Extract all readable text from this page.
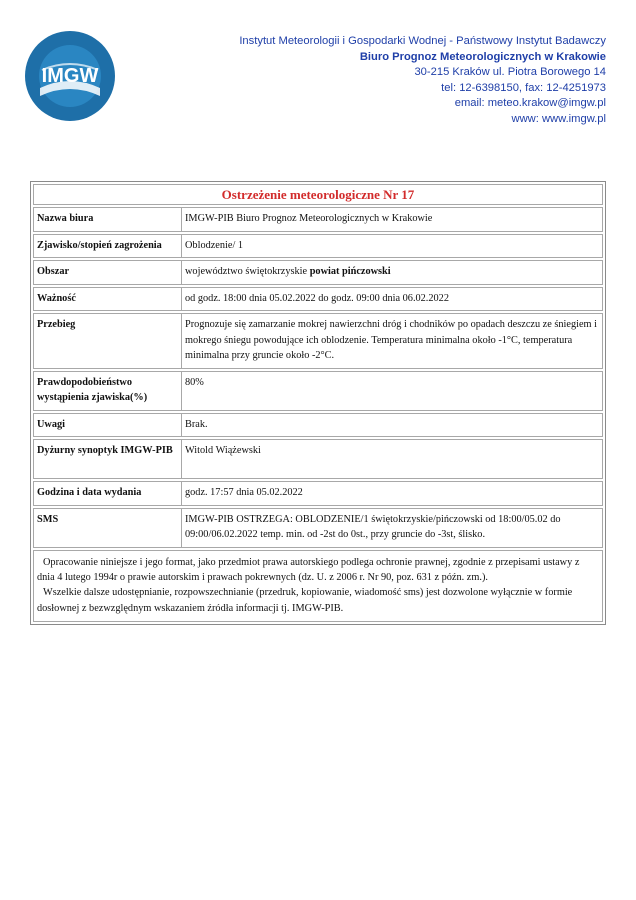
IMGW
Instytut Meteorologii i Gospodarki Wodnej - Państwowy Instytut Badawczy
Biuro Prognoz Meteorologicznych w Krakowie
30-215 Kraków ul. Piotra Borowego 14
tel: 12-6398150, fax: 12-4251973
email: meteo.krakow@imgw.pl
www: www.imgw.pl
Ostrzeżenie meteorologiczne Nr 17
Nazwa biura	IMGW-PIB Biuro Prognoz Meteorologicznych w Krakowie
Zjawisko/stopień zagrożenia	Oblodzenie/ 1
Obszar	województwo świętokrzyskie powiat pińczowski
Ważność	od godz. 18:00 dnia 05.02.2022 do godz. 09:00 dnia 06.02.2022
Przebieg	Prognozuje się zamarzanie mokrej nawierzchni dróg i chodników po opadach deszczu ze śniegiem i mokrego śniegu powodujące ich oblodzenie. Temperatura minimalna około -1°C, temperatura minimalna przy gruncie około -2°C.
Prawdopodobieństwo wystąpienia zjawiska(%)	80%
Uwagi	Brak.
Dyżurny synoptyk IMGW-PIB	Witold Wiążewski
Godzina i data wydania	godz. 17:57 dnia 05.02.2022
SMS	IMGW-PIB OSTRZEGA: OBLODZENIE/1 świętokrzyskie/pińczowski od 18:00/05.02 do 09:00/06.02.2022 temp. min. od -2st do 0st., przy gruncie do -3st, ślisko.

Opracowanie niniejsze i jego format, jako przedmiot prawa autorskiego podlega ochronie prawnej, zgodnie z przepisami ustawy z dnia 4 lutego 1994r o prawie autorskim i prawach pokrewnych (dz. U. z 2006 r. Nr 90, poz. 631 z późn. zm.).

Wszelkie dalsze udostępnianie, rozpowszechnianie (przedruk, kopiowanie, wiadomość sms) jest dozwolone wyłącznie w formie dosłownej z bezwzględnym wskazaniem źródła informacji tj. IMGW-PIB.
